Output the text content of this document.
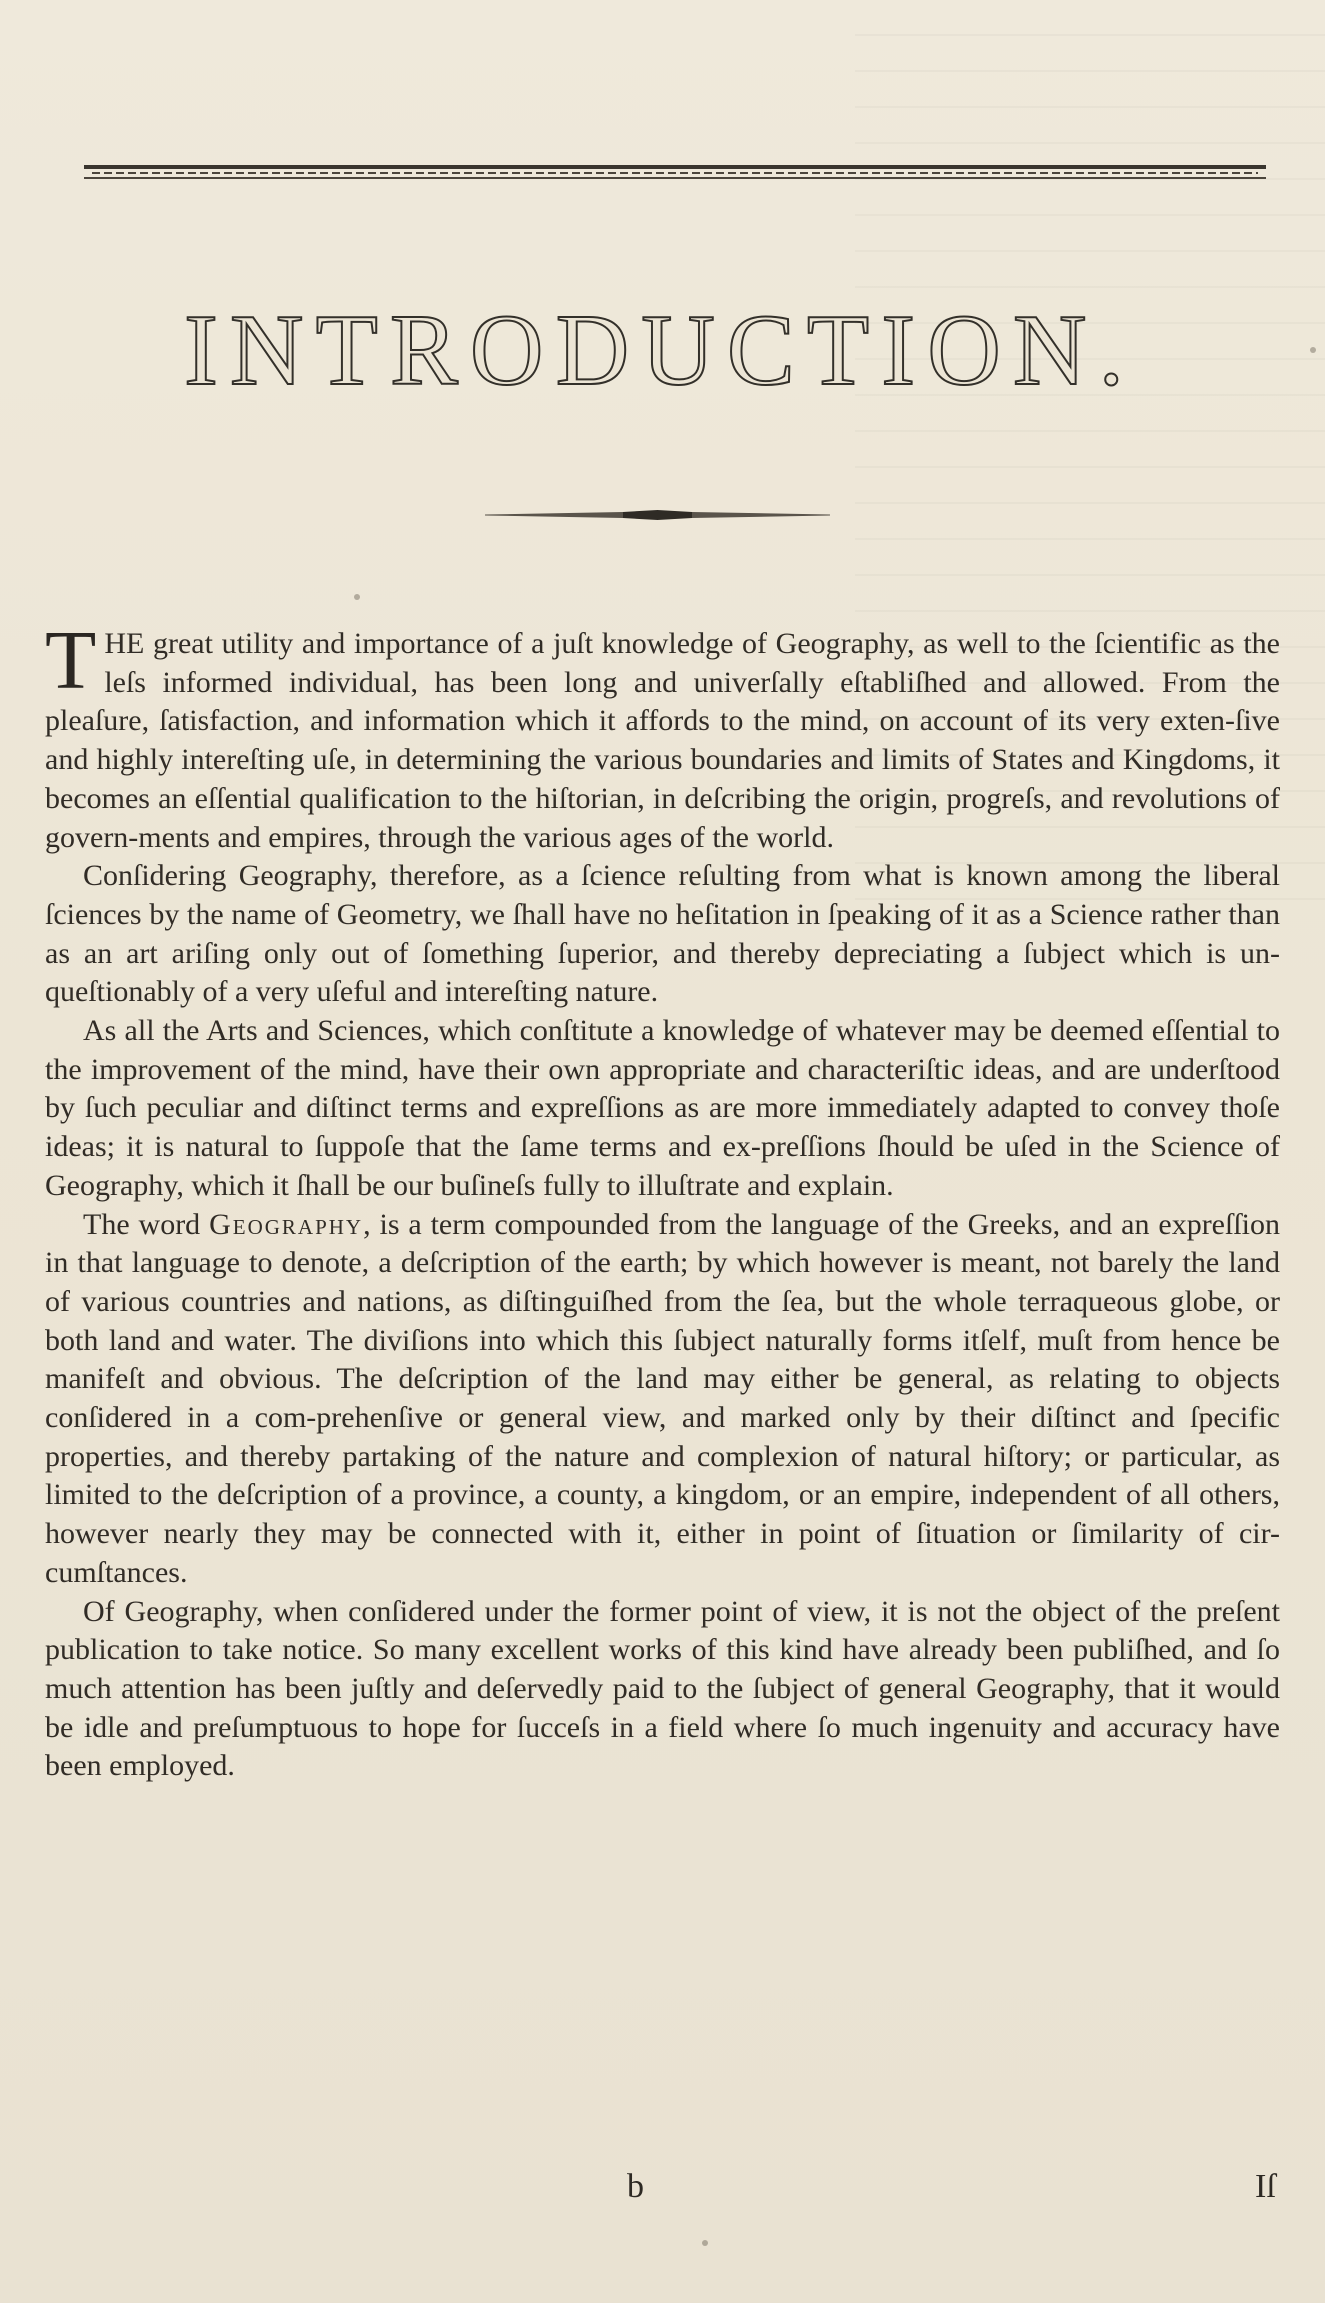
INTRODUCTION.

THE great utility and importance of a juſt knowledge of Geography, as well to the ſcientific as the leſs informed individual, has been long and univerſally eſtabliſhed and allowed. From the pleaſure, ſatisfaction, and information which it affords to the mind, on account of its very exten-ſive and highly intereſting uſe, in determining the various boundaries and limits of States and Kingdoms, it becomes an eſſential qualification to the hiſtorian, in deſcribing the origin, progreſs, and revolutions of govern-ments and empires, through the various ages of the world.

Conſidering Geography, therefore, as a ſcience reſulting from what is known among the liberal ſciences by the name of Geometry, we ſhall have no heſitation in ſpeaking of it as a Science rather than as an art ariſing only out of ſomething ſuperior, and thereby depreciating a ſubject which is un-queſtionably of a very uſeful and intereſting nature.

As all the Arts and Sciences, which conſtitute a knowledge of whatever may be deemed eſſential to the improvement of the mind, have their own appropriate and characteriſtic ideas, and are underſtood by ſuch peculiar and diſtinct terms and expreſſions as are more immediately adapted to convey thoſe ideas; it is natural to ſuppoſe that the ſame terms and ex-preſſions ſhould be uſed in the Science of Geography, which it ſhall be our buſineſs fully to illuſtrate and explain.

The word Geography, is a term compounded from the language of the Greeks, and an expreſſion in that language to denote, a deſcription of the earth; by which however is meant, not barely the land of various countries and nations, as diſtinguiſhed from the ſea, but the whole terraqueous globe, or both land and water. The diviſions into which this ſubject naturally forms itſelf, muſt from hence be manifeſt and obvious. The deſcription of the land may either be general, as relating to objects conſidered in a com-prehenſive or general view, and marked only by their diſtinct and ſpecific properties, and thereby partaking of the nature and complexion of natural hiſtory; or particular, as limited to the deſcription of a province, a county, a kingdom, or an empire, independent of all others, however nearly they may be connected with it, either in point of ſituation or ſimilarity of cir-cumſtances.

Of Geography, when conſidered under the former point of view, it is not the object of the preſent publication to take notice. So many excellent works of this kind have already been publiſhed, and ſo much attention has been juſtly and deſervedly paid to the ſubject of general Geography, that it would be idle and preſumptuous to hope for ſucceſs in a field where ſo much ingenuity and accuracy have been employed.

b	Iſ
